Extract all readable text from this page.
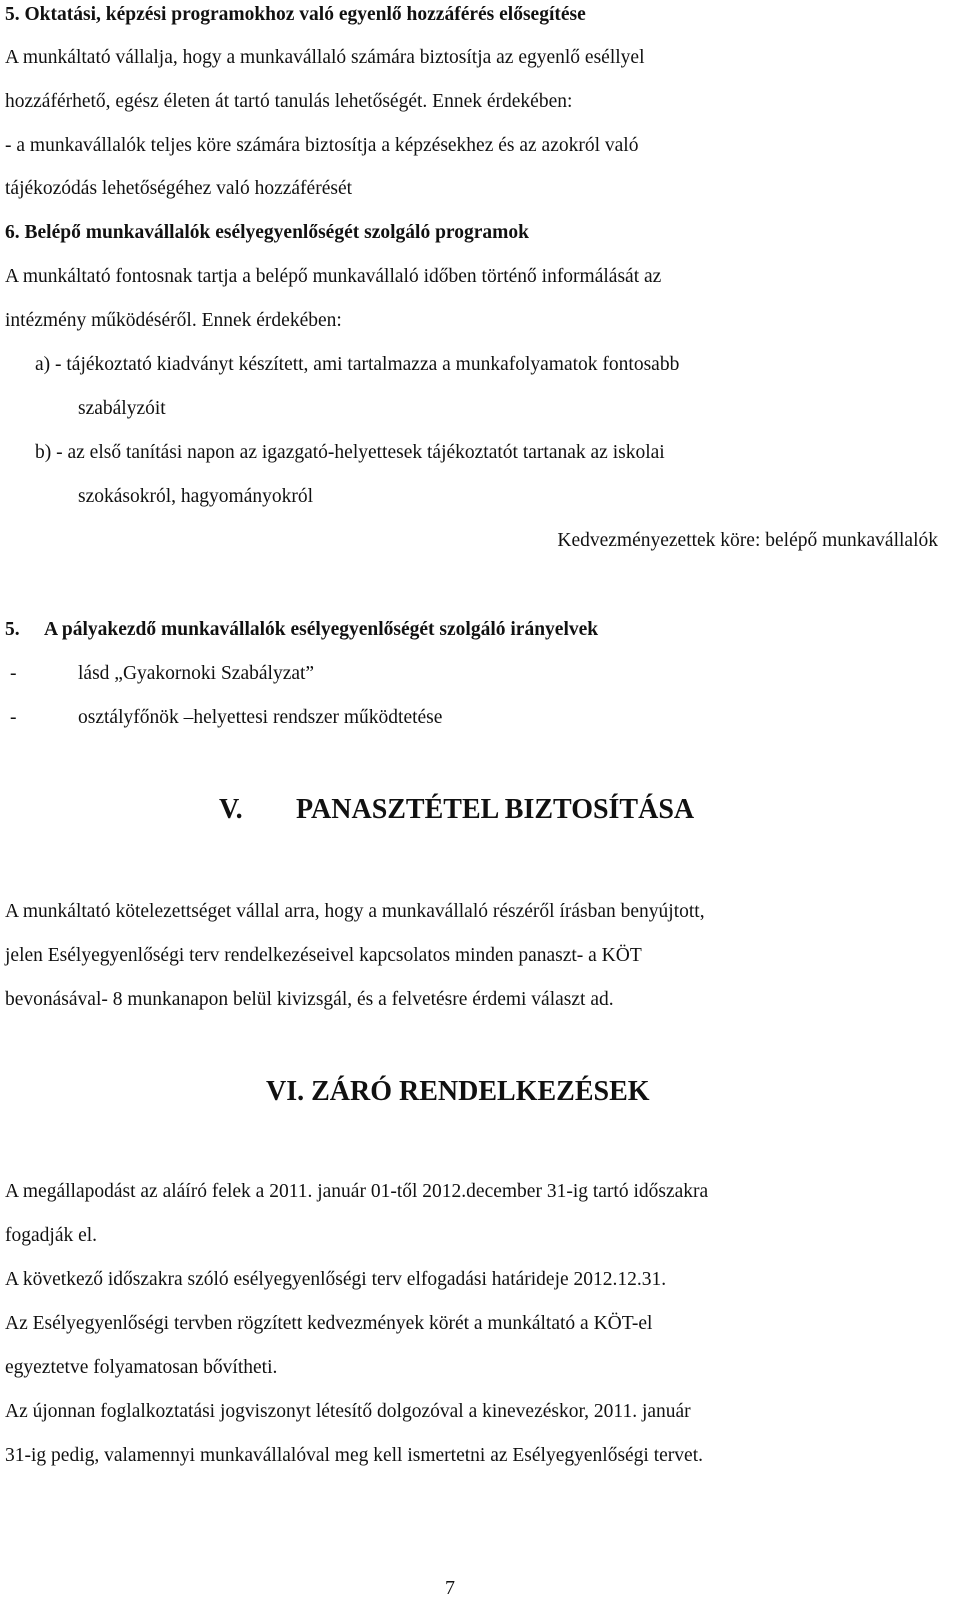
5. Oktatási, képzési programokhoz való egyenlő hozzáférés elősegítése
A munkáltató vállalja, hogy a munkavállaló számára biztosítja az egyenlő eséllyel
hozzáférhető, egész életen át tartó tanulás lehetőségét. Ennek érdekében:
- a munkavállalók teljes köre számára biztosítja a képzésekhez és az azokról való
tájékozódás lehetőségéhez való hozzáférését
6. Belépő munkavállalók esélyegyenlőségét szolgáló programok
A munkáltató fontosnak tartja a belépő munkavállaló időben történő informálását az
intézmény működéséről. Ennek érdekében:
a) - tájékoztató kiadványt készített, ami tartalmazza a munkafolyamatok fontosabb
szabályzóit
b) - az első tanítási napon az igazgató-helyettesek tájékoztatót tartanak az iskolai
szokásokról, hagyományokról
Kedvezményezettek köre: belépő munkavállalók
5. A pályakezdő munkavállalók esélyegyenlőségét szolgáló irányelvek
-	lásd „Gyakornoki Szabályzat”
-	osztályfőnök –helyettesi rendszer működtetése
V. PANASZTÉTEL BIZTOSÍTÁSA
A munkáltató kötelezettséget vállal arra, hogy a munkavállaló részéről írásban benyújtott,
jelen Esélyegyenlőségi terv rendelkezéseivel kapcsolatos minden panaszt- a KÖT
bevonásával- 8 munkanapon belül kivizsgál, és a felvetésre érdemi választ ad.
VI. ZÁRÓ RENDELKEZÉSEK
A megállapodást az aláíró felek a 2011. január 01-től 2012.december 31-ig tartó időszakra
fogadják el.
A következő időszakra szóló esélyegyenlőségi terv elfogadási határideje 2012.12.31.
Az Esélyegyenlőségi tervben rögzített kedvezmények körét a munkáltató a KÖT-el
egyeztetve folyamatosan bővítheti.
Az újonnan foglalkoztatási jogviszonyt létesítő dolgozóval a kinevezéskor, 2011. január
31-ig pedig, valamennyi munkavállalóval meg kell ismertetni az Esélyegyenlőségi tervet.
7
